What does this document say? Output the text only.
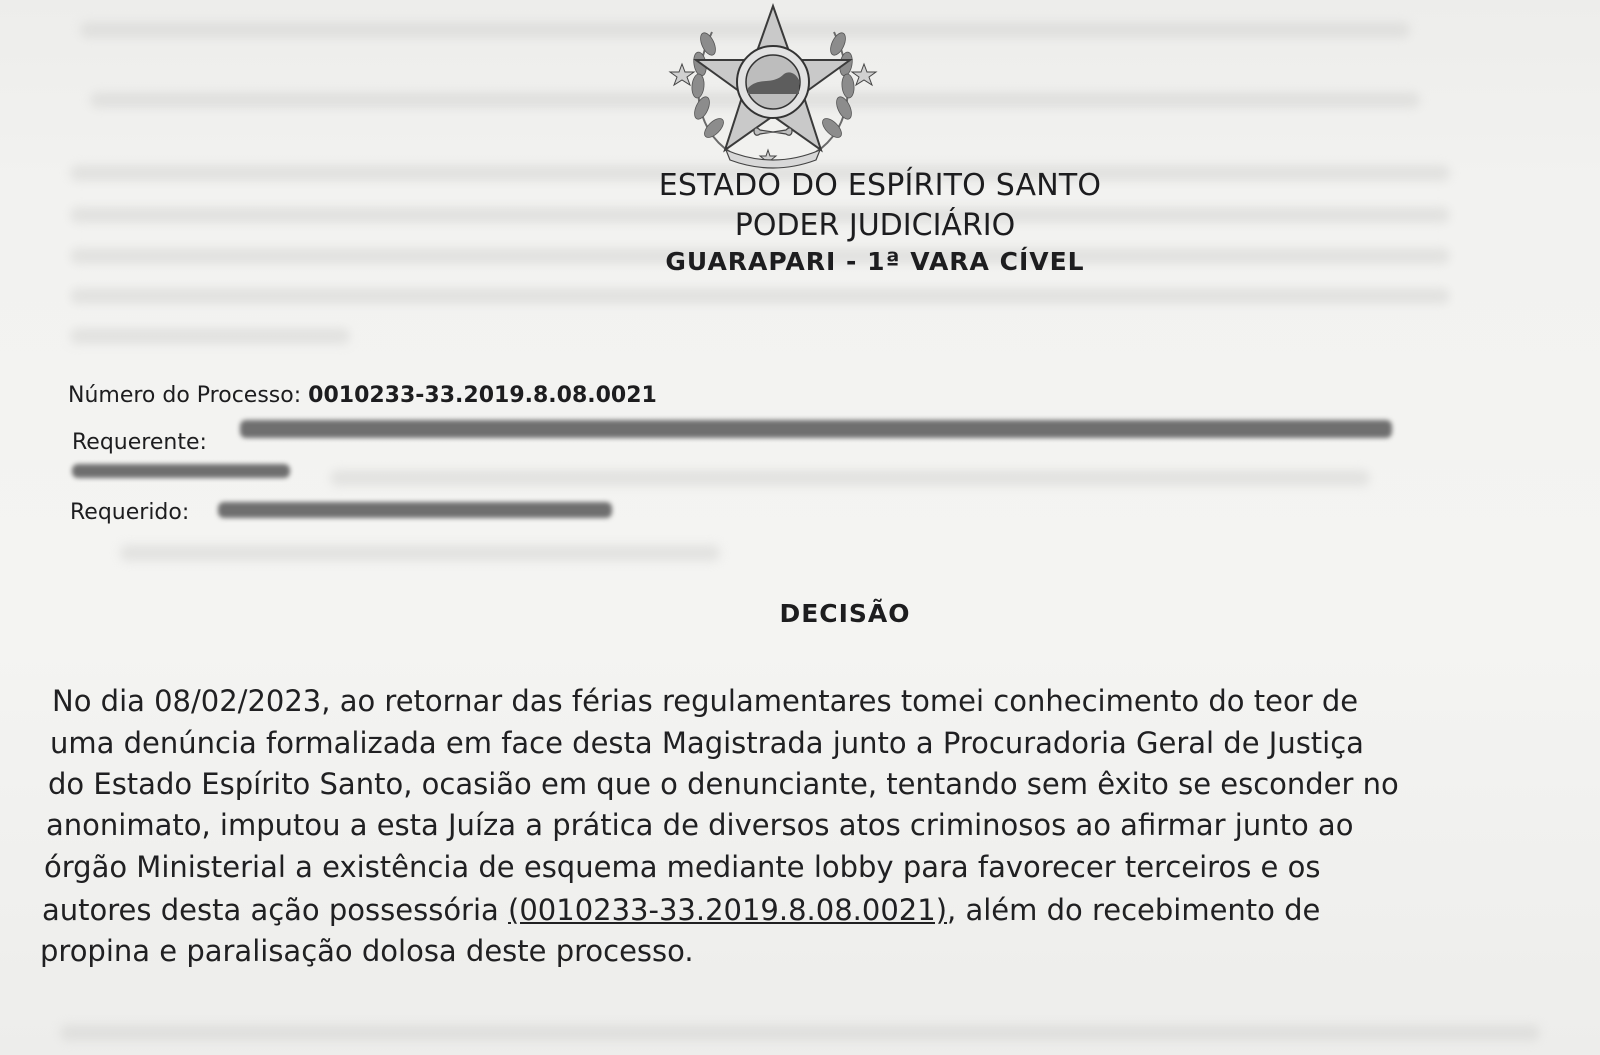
ESTADO DO ESPÍRITO SANTO
PODER JUDICIÁRIO
GUARAPARI - 1ª VARA CÍVEL
Número do Processo: 0010233-33.2019.8.08.0021
Requerente:
Requerido:
DECISÃO
No dia 08/02/2023, ao retornar das férias regulamentares tomei conhecimento do teor de
uma denúncia formalizada em face desta Magistrada junto a Procuradoria Geral de Justiça
do Estado Espírito Santo, ocasião em que o denunciante, tentando sem êxito se esconder no
anonimato, imputou a esta Juíza a prática de diversos atos criminosos ao afirmar junto ao
órgão Ministerial a existência de esquema mediante lobby para favorecer terceiros e os
autores desta ação possessória (0010233-33.2019.8.08.0021), além do recebimento de
propina e paralisação dolosa deste processo.
